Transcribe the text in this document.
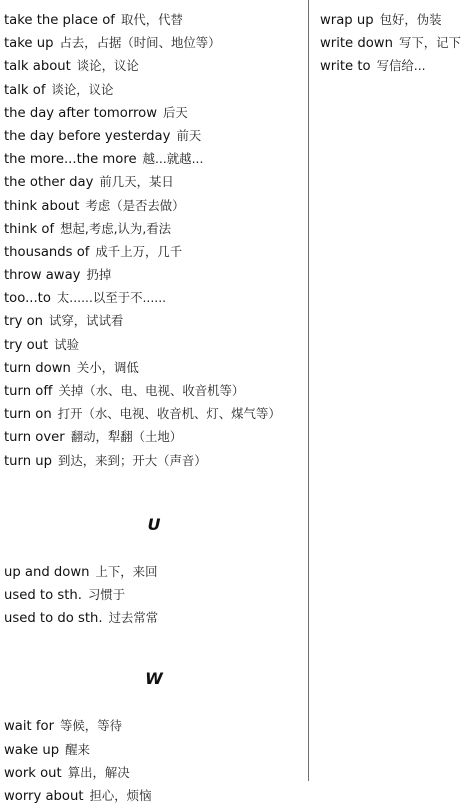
take the place of 取代，代替
take up 占去，占据（时间、地位等）
talk about 谈论，议论
talk of 谈论，议论
the day after tomorrow 后天
the day before yesterday 前天
the more...the more 越...就越...
the other day 前几天，某日
think about 考虑（是否去做）
think of 想起,考虑,认为,看法
thousands of 成千上万，几千
throw away 扔掉
too...to 太......以至于不......
try on 试穿，试试看
try out 试验
turn down 关小，调低
turn off 关掉（水、电、电视、收音机等）
turn on 打开（水、电视、收音机、灯、煤气等）
turn over 翻动，犁翻（土地）
turn up 到达，来到；开大（声音）
U
up and down 上下，来回
used to sth. 习惯于
used to do sth. 过去常常
W
wait for 等候，等待
wake up 醒来
work out 算出，解决
worry about 担心，烦恼
wrap up 包好，伪装
write down 写下，记下
write to 写信给...
